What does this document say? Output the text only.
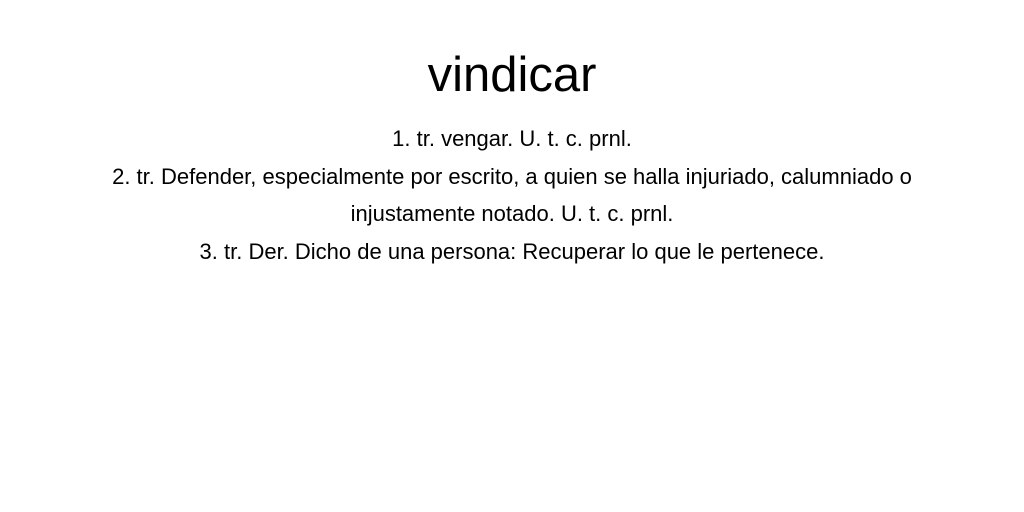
vindicar
1. tr. vengar. U. t. c. prnl.
2. tr. Defender, especialmente por escrito, a quien se halla injuriado, calumniado o injustamente notado. U. t. c. prnl.
3. tr. Der. Dicho de una persona: Recuperar lo que le pertenece.
